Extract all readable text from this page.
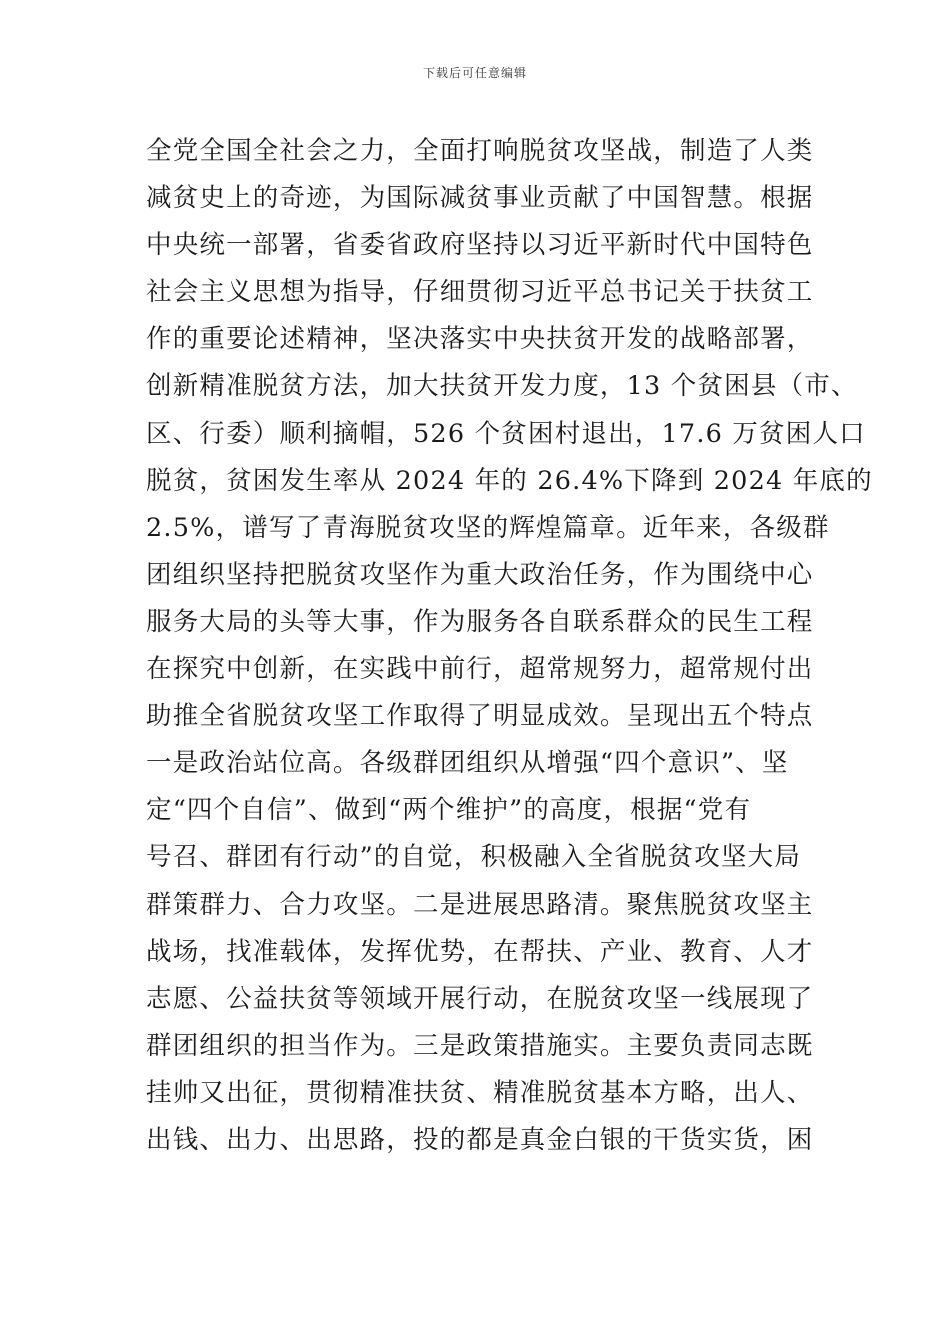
下载后可任意编辑
全党全国全社会之力，全面打响脱贫攻坚战，制造了人类
减贫史上的奇迹，为国际减贫事业贡献了中国智慧。根据
中央统一部署，省委省政府坚持以习近平新时代中国特色
社会主义思想为指导，仔细贯彻习近平总书记关于扶贫工
作的重要论述精神，坚决落实中央扶贫开发的战略部署，
创新精准脱贫方法，加大扶贫开发力度，13 个贫困县（市、
区、行委）顺利摘帽，526 个贫困村退出，17.6 万贫困人口
脱贫，贫困发生率从 2024 年的 26.4%下降到 2024 年底的
2.5%，谱写了青海脱贫攻坚的辉煌篇章。近年来，各级群
团组织坚持把脱贫攻坚作为重大政治任务，作为围绕中心
服务大局的头等大事，作为服务各自联系群众的民生工程
在探究中创新，在实践中前行，超常规努力，超常规付出
助推全省脱贫攻坚工作取得了明显成效。呈现出五个特点
一是政治站位高。各级群团组织从增强“四个意识”、坚
定“四个自信”、做到“两个维护”的高度，根据“党有
号召、群团有行动”的自觉，积极融入全省脱贫攻坚大局
群策群力、合力攻坚。二是进展思路清。聚焦脱贫攻坚主
战场，找准载体，发挥优势，在帮扶、产业、教育、人才
志愿、公益扶贫等领域开展行动，在脱贫攻坚一线展现了
群团组织的担当作为。三是政策措施实。主要负责同志既
挂帅又出征，贯彻精准扶贫、精准脱贫基本方略，出人、
出钱、出力、出思路，投的都是真金白银的干货实货，困
